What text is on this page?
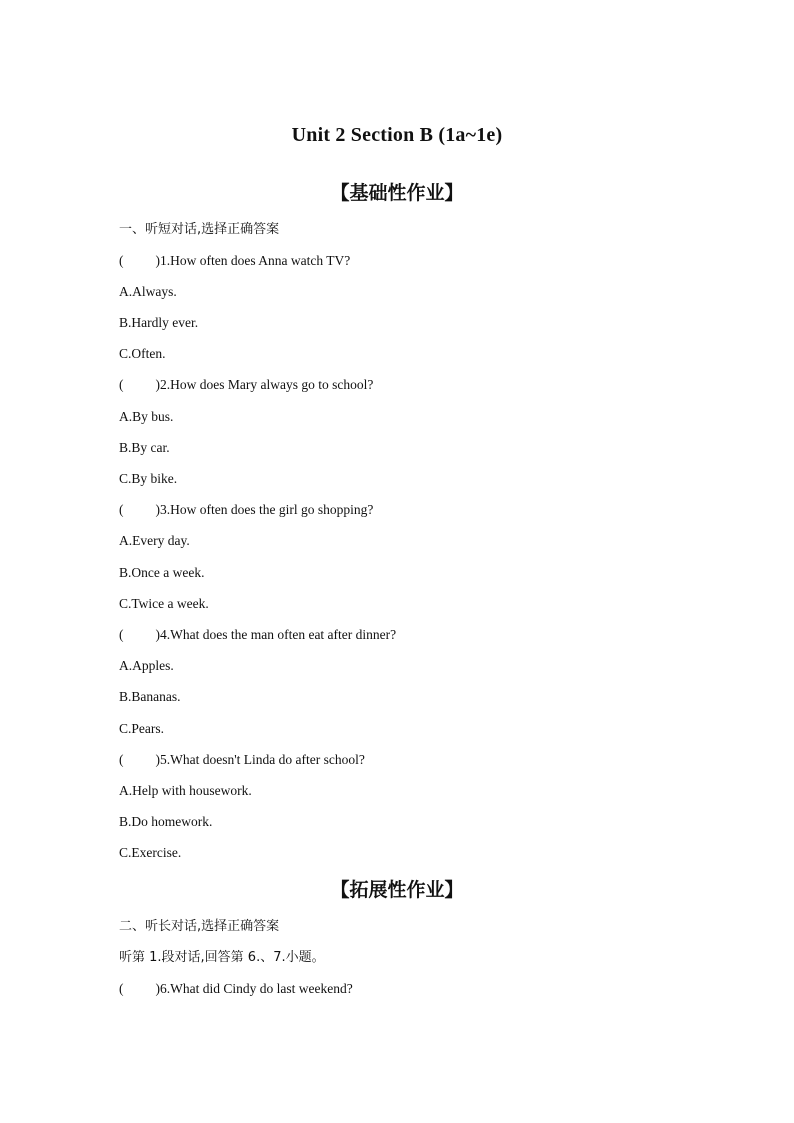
Unit 2 Section B (1a~1e)
【基础性作业】
一、听短对话,选择正确答案
( )1.How often does Anna watch TV?
A.Always.
B.Hardly ever.
C.Often.
( )2.How does Mary always go to school?
A.By bus.
B.By car.
C.By bike.
( )3.How often does the girl go shopping?
A.Every day.
B.Once a week.
C.Twice a week.
( )4.What does the man often eat after dinner?
A.Apples.
B.Bananas.
C.Pears.
( )5.What doesn't Linda do after school?
A.Help with housework.
B.Do homework.
C.Exercise.
【拓展性作业】
二、听长对话,选择正确答案
听第 1.段对话,回答第 6.、7.小题。
( )6.What did Cindy do last weekend?
